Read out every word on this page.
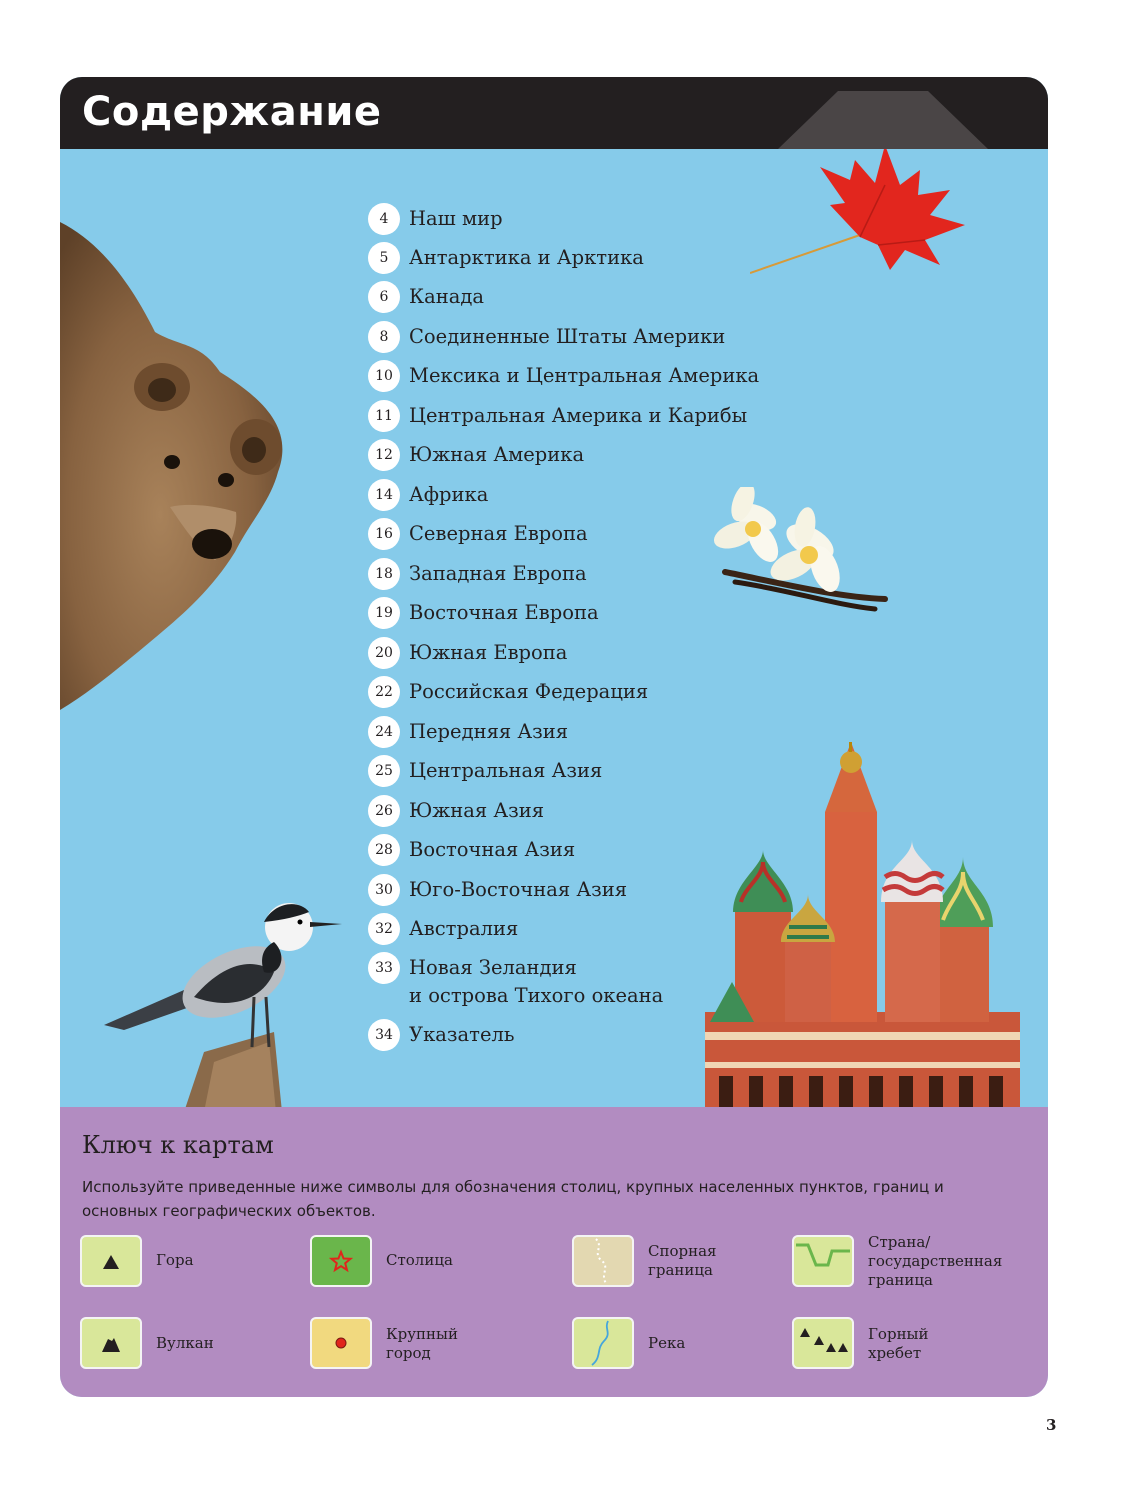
Содержание
4	Наш мир
5	Антарктика и Арктика
6	Канада
8	Соединенные Штаты Америки
10 Мексика и Центральная Америка
11 Центральная Америка и Карибы
12 Южная Америка
14 Африка
16 Северная Европа
18 Западная Европа
19 Восточная Европа
20 Южная Европа
22 Российская Федерация
24 Передняя Азия
25 Центральная Азия
26 Южная Азия
28 Восточная Азия
30 Юго-Восточная Азия
32 Австралия
33 Новая Зеландия
и острова Тихого океана
34 Указатель
Ключ к картам
Используйте приведенные ниже символы для обозначения столиц, крупных населенных пунктов, границ и основных географических объектов.
Гора	Столица	Спорная
граница
Страна/
государственная
граница
Вулкан	Крупный
город
Река	Горный
хребет
3
